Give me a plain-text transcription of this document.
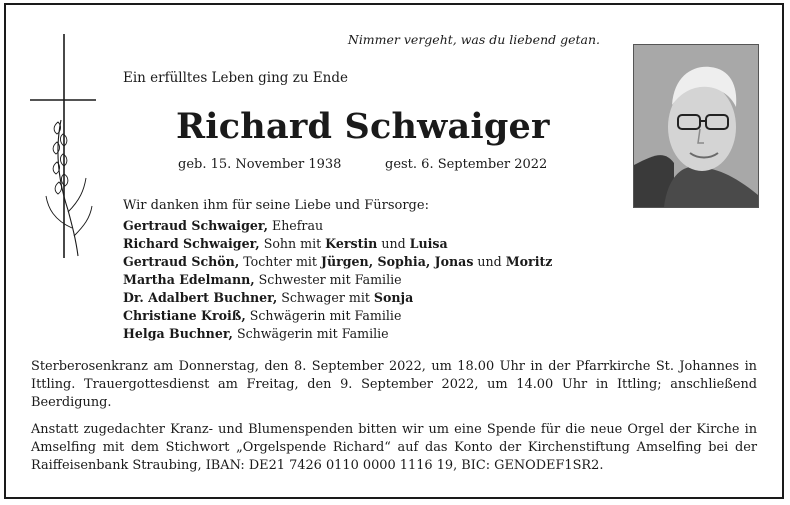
Nimmer vergeht, was du liebend getan.
Ein erfülltes Leben ging zu Ende
Richard Schwaiger
geb. 15. November 1938	gest. 6. September 2022
Wir danken ihm für seine Liebe und Fürsorge:
Gertraud Schwaiger, Ehefrau
Richard Schwaiger, Sohn mit Kerstin und Luisa
Gertraud Schön, Tochter mit Jürgen, Sophia, Jonas und Moritz
Martha Edelmann, Schwester mit Familie
Dr. Adalbert Buchner, Schwager mit Sonja
Christiane Kroiß, Schwägerin mit Familie
Helga Buchner, Schwägerin mit Familie
Sterberosenkranz am Donnerstag, den 8. September 2022, um 18.00 Uhr in der Pfarrkirche St. Johannes in Ittling. Trauergottesdienst am Freitag, den 9. September 2022, um 14.00 Uhr in Ittling; anschließend Beerdigung.
Anstatt zugedachter Kranz- und Blumenspenden bitten wir um eine Spende für die neue Orgel der Kirche in Amselfing mit dem Stichwort „Orgelspende Richard“ auf das Konto der Kirchenstiftung Amselfing bei der Raiffeisenbank Straubing, IBAN: DE21 7426 0110 0000 1116 19, BIC: GENODEF1SR2.
